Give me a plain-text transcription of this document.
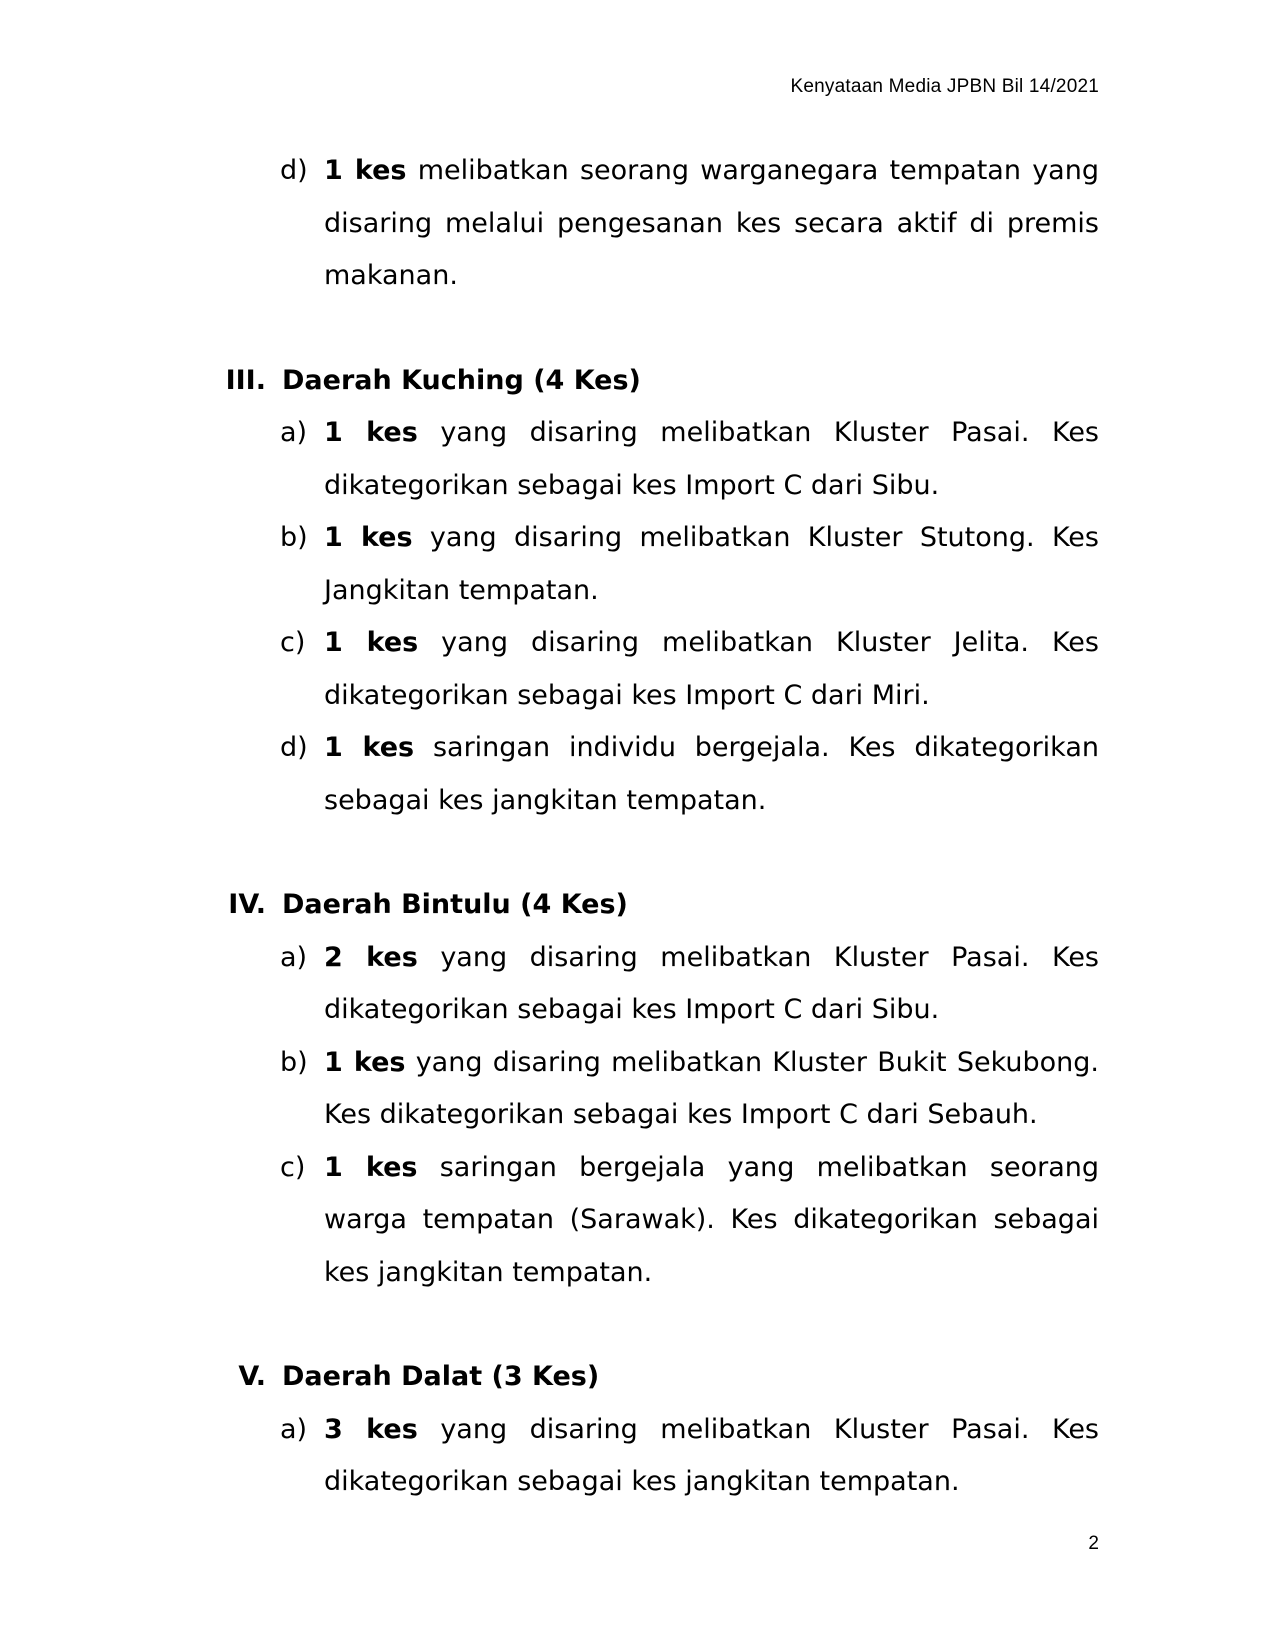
Kenyataan Media JPBN Bil 14/2021
d) 1 kes melibatkan seorang warganegara tempatan yang disaring melalui pengesanan kes secara aktif di premis makanan.
III. Daerah Kuching (4 Kes)
a) 1 kes yang disaring melibatkan Kluster Pasai. Kes dikategorikan sebagai kes Import C dari Sibu.
b) 1 kes yang disaring melibatkan Kluster Stutong. Kes Jangkitan tempatan.
c) 1 kes yang disaring melibatkan Kluster Jelita. Kes dikategorikan sebagai kes Import C dari Miri.
d) 1 kes saringan individu bergejala. Kes dikategorikan sebagai kes jangkitan tempatan.
IV. Daerah Bintulu (4 Kes)
a) 2 kes yang disaring melibatkan Kluster Pasai. Kes dikategorikan sebagai kes Import C dari Sibu.
b) 1 kes yang disaring melibatkan Kluster Bukit Sekubong. Kes dikategorikan sebagai kes Import C dari Sebauh.
c) 1 kes saringan bergejala yang melibatkan seorang warga tempatan (Sarawak). Kes dikategorikan sebagai kes jangkitan tempatan.
V. Daerah Dalat (3 Kes)
a) 3 kes yang disaring melibatkan Kluster Pasai. Kes dikategorikan sebagai kes jangkitan tempatan.
2
